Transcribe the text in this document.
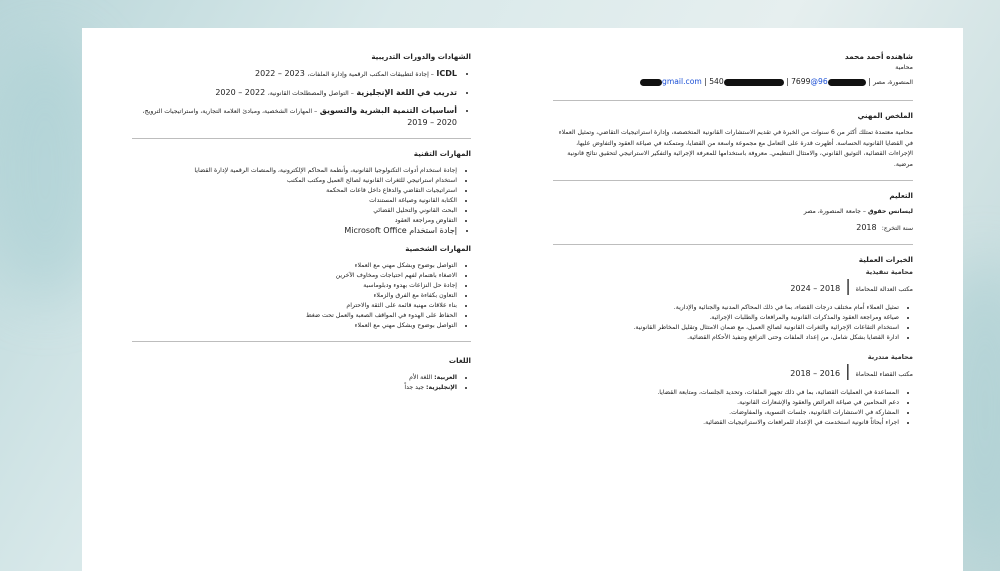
الشهادات والدورات التدريبية
• ICDL – إجادة لتطبيقات المكتب الرقمية وإدارة الملفات، 2023 – 2022
• تدريب في اللغة الإنجليزية – التواصل والمصطلحات القانونية، 2022 – 2020
• أساسيات التنمية البشرية والتسويق – المهارات الشخصية، ومبادئ العلامة التجارية، واستراتيجيات الترويج،
2020 – 2019
المهارات التقنية
• إجادة استخدام أدوات التكنولوجيا القانونية، وأنظمة المحاكم الإلكترونية، والمنصات الرقمية لإدارة القضايا
• استخدام استراتيجي للثغرات القانونية لصالح العميل ومكتب المكتب
• استراتيجيات التقاضي والدفاع داخل قاعات المحكمة
• الكتابة القانونية وصياغة المستندات
• البحث القانوني والتحليل القضائي
• التفاوض ومراجعة العقود
• إجادة استخدام Microsoft Office
المهارات الشخصية
• التواصل بوضوح وبشكل مهني مع العملاء
• الاصغاء باهتمام لفهم احتياجات ومخاوف الآخرين
• إجادة حل النزاعات بهدوء ودبلوماسية
• التعاون بكفاءة مع الفرق والزملاء
• بناء علاقات مهنية قائمة على الثقة والاحترام
• الحفاظ على الهدوء في المواقف الصعبة والعمل تحت ضغط
• التواصل بوضوح وبشكل مهني مع العملاء
اللغات
• العربية: اللغة الأم
• الإنجليزية: جيد جداً
شاهنده أحمد محمد
محامية
المنصورة، مصر | 96@gmail.com | 540	| 7699
الملخص المهني

محامية معتمدة تمتلك أكثر من 6 سنوات من الخبرة في تقديم الاستشارات القانونية المتخصصة، وإدارة استراتيجيات التقاضي، وتمثيل العملاء في القضايا القانونية الحساسة. أظهرت قدرة على التعامل مع مجموعة واسعة من القضايا، ومتمكنة في صياغة العقود والتفاوض عليها، الإجراءات القضائية، التوثيق القانوني، والامتثال التنظيمي. معروفة باستخدامها للمعرفة الإجرائية والتفكير الاستراتيجي لتحقيق نتائج قانونية مرضية.

التعليم
ليسانس حقوق – جامعة المنصورة، مصر
سنة التخرج: 2018
الخبرات العملية
محامية تنفيذية
مكتب العدالة للمحاماة | 2018 – 2024
• تمثيل العملاء أمام مختلف درجات القضاء، بما في ذلك المحاكم المدنية والجنائية والإدارية.
• صياغة ومراجعة العقود والمذكرات القانونية والمرافعات والطلبات الإجرائية.
• استخدام التقاعات الإجرائية والثغرات القانونية لصالح العميل، مع ضمان الامتثال وتقليل المخاطر القانونية.
• ادارة القضايا بشكل شامل، من إعداد الملفات وحتى الترافع وتنفيذ الأحكام القضائية.
محامية متدربة
مكتب القضاء للمحاماة | 2016 – 2018
• المساعدة في العمليات القضائية، بما في ذلك تجهيز الملفات، وتحديد الجلسات، ومتابعة القضايا.
• دعم المحامين في صياغة العرائض والعقود والإشعارات القانونية.
• المشاركة في الاستشارات القانونية، جلسات التسوية، والمفاوضات.
• اجراء أبحاثاً قانونية استخدمت في الإعداد للمرافعات والاستراتيجيات القضائية.
